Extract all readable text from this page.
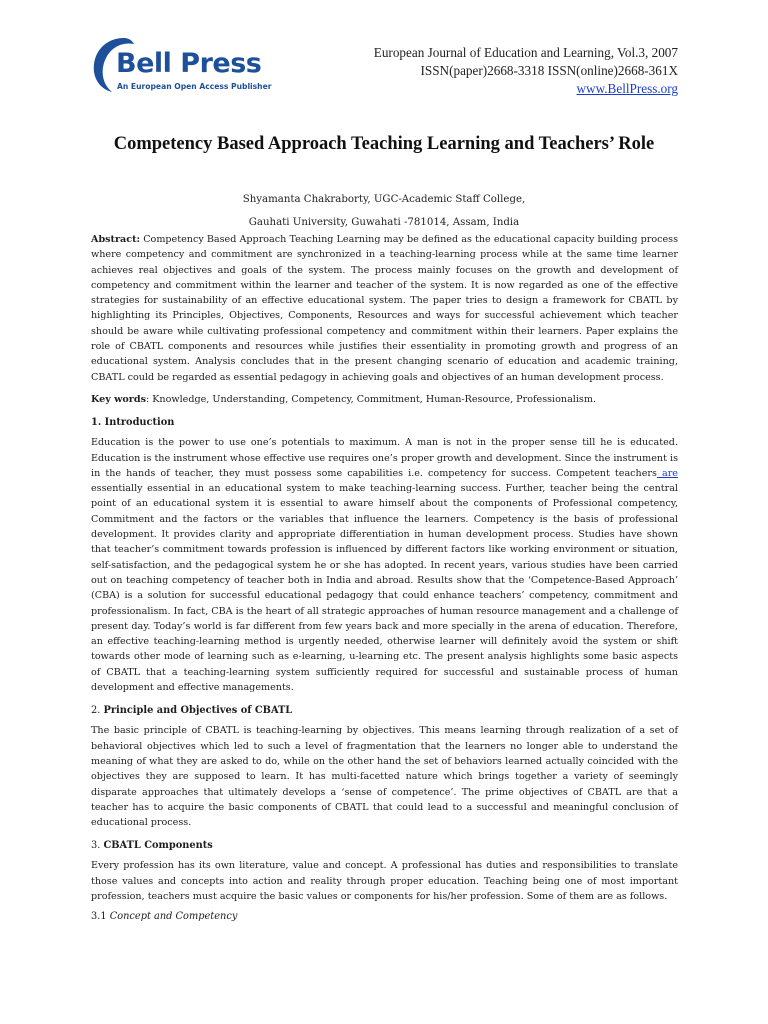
Bell Press
An European Open Access Publisher
European Journal of Education and Learning, Vol.3, 2007
ISSN(paper)2668-3318 ISSN(online)2668-361X
www.BellPress.org
Competency Based Approach Teaching Learning and Teachers’ Role
Shyamanta Chakraborty, UGC-Academic Staff College,
Gauhati University, Guwahati -781014, Assam, India

Abstract: Competency Based Approach Teaching Learning may be defined as the educational capacity building process where competency and commitment are synchronized in a teaching-learning process while at the same time learner achieves real objectives and goals of the system. The process mainly focuses on the growth and development of competency and commitment within the learner and teacher of the system. It is now regarded as one of the effective strategies for sustainability of an effective educational system. The paper tries to design a framework for CBATL by highlighting its Principles, Objectives, Components, Resources and ways for successful achievement which teacher should be aware while cultivating professional competency and commitment within their learners. Paper explains the role of CBATL components and resources while justifies their essentiality in promoting growth and progress of an educational system. Analysis concludes that in the present changing scenario of education and academic training, CBATL could be regarded as essential pedagogy in achieving goals and objectives of an human development process.

Key words: Knowledge, Understanding, Competency, Commitment, Human-Resource, Professionalism.

1. Introduction

Education is the power to use one’s potentials to maximum. A man is not in the proper sense till he is educated. Education is the instrument whose effective use requires one’s proper growth and development. Since the instrument is in the hands of teacher, they must possess some capabilities i.e. competency for success. Competent teachers are essentially essential in an educational system to make teaching-learning success. Further, teacher being the central point of an educational system it is essential to aware himself about the components of Professional competency, Commitment and the factors or the variables that influence the learners. Competency is the basis of professional development. It provides clarity and appropriate differentiation in human development process. Studies have shown that teacher’s commitment towards profession is influenced by different factors like working environment or situation, self-satisfaction, and the pedagogical system he or she has adopted. In recent years, various studies have been carried out on teaching competency of teacher both in India and abroad. Results show that the ‘Competence-Based Approach’ (CBA) is a solution for successful educational pedagogy that could enhance teachers’ competency, commitment and professionalism. In fact, CBA is the heart of all strategic approaches of human resource management and a challenge of present day. Today’s world is far different from few years back and more specially in the arena of education. Therefore, an effective teaching-learning method is urgently needed, otherwise learner will definitely avoid the system or shift towards other mode of learning such as e-learning, u-learning etc. The present analysis highlights some basic aspects of CBATL that a teaching-learning system sufficiently required for successful and sustainable process of human development and effective managements.

2. Principle and Objectives of CBATL

The basic principle of CBATL is teaching-learning by objectives. This means learning through realization of a set of behavioral objectives which led to such a level of fragmentation that the learners no longer able to understand the meaning of what they are asked to do, while on the other hand the set of behaviors learned actually coincided with the objectives they are supposed to learn. It has multi-facetted nature which brings together a variety of seemingly disparate approaches that ultimately develops a ‘sense of competence’. The prime objectives of CBATL are that a teacher has to acquire the basic components of CBATL that could lead to a successful and meaningful conclusion of educational process.

3. CBATL Components

Every profession has its own literature, value and concept. A professional has duties and responsibilities to translate those values and concepts into action and reality through proper education. Teaching being one of most important profession, teachers must acquire the basic values or components for his/her profession. Some of them are as follows.

3.1 Concept and Competency
